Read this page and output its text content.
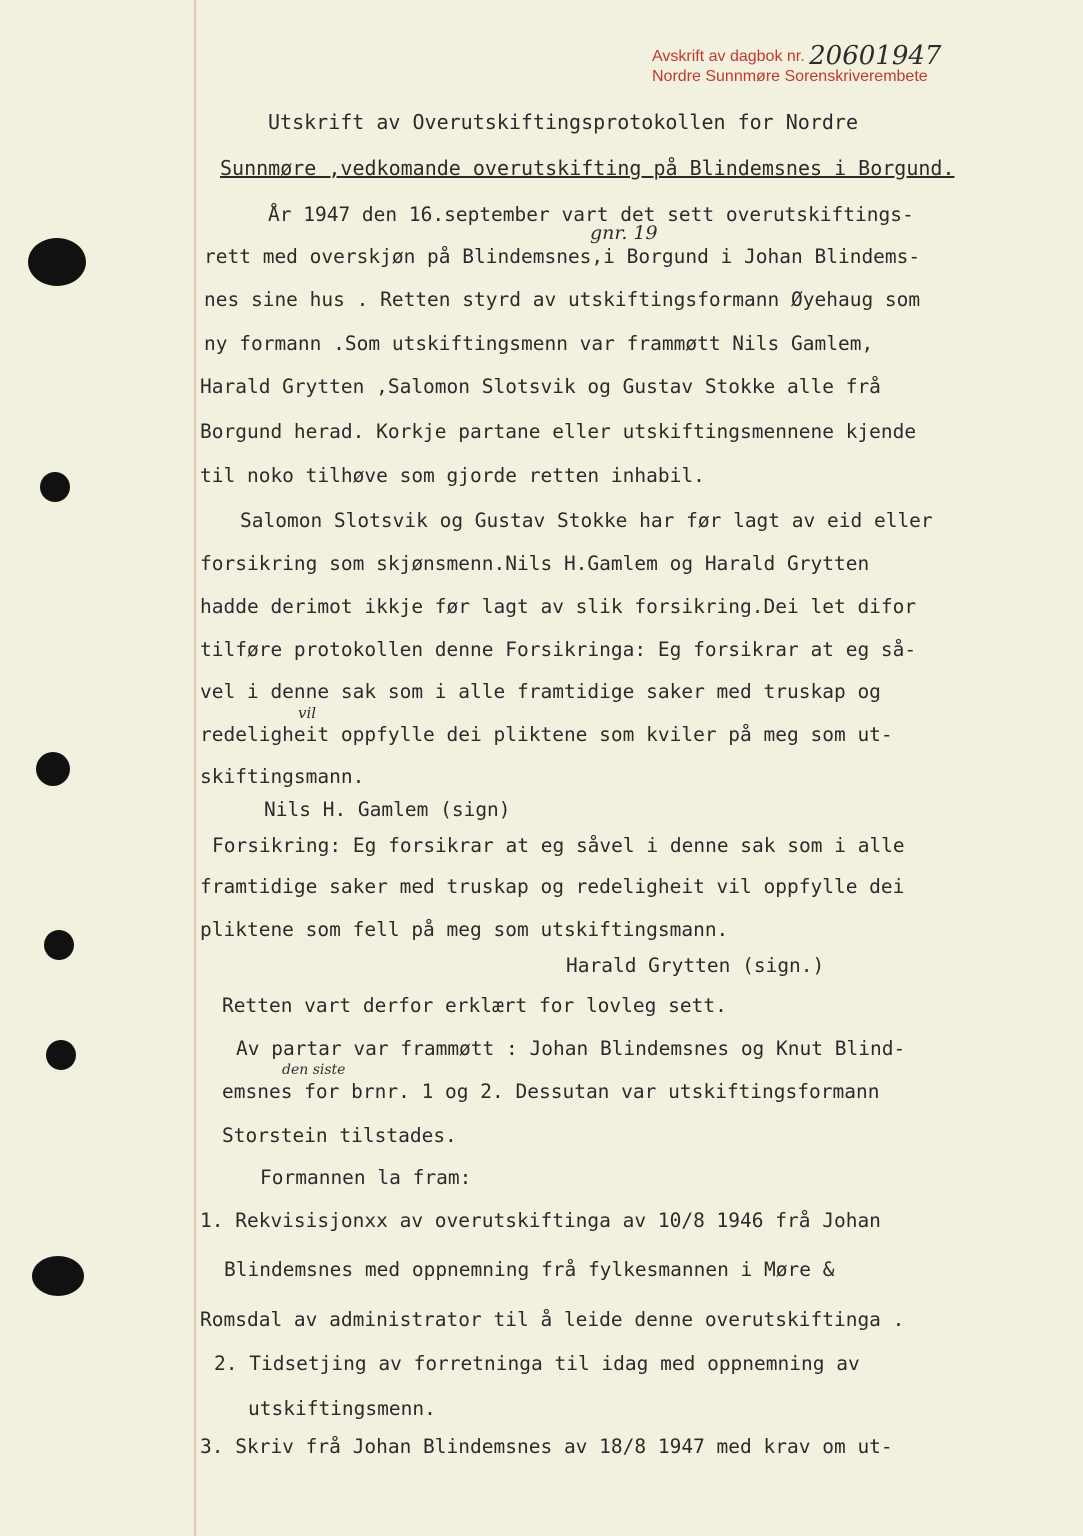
Avskrift av dagbok nr. 20601947
Nordre Sunnmøre Sorenskriverembete
Utskrift av Overutskiftingsprotokollen for Nordre
Sunnmøre ,vedkomande overutskifting på Blindemsnes i Borgund.
gnr. 19
År 1947 den 16.september vart det sett overutskiftings-
rett med overskjøn på Blindemsnes,i Borgund i Johan Blindems-
nes sine hus . Retten styrd av utskiftingsformann Øyehaug som
ny formann .Som utskiftingsmenn var frammøtt Nils Gamlem,
Harald Grytten ,Salomon Slotsvik og Gustav Stokke alle frå
Borgund herad. Korkje partane eller utskiftingsmennene kjende
til noko tilhøve som gjorde retten inhabil.
Salomon Slotsvik og Gustav Stokke har før lagt av eid eller
forsikring som skjønsmenn.Nils H.Gamlem og Harald Grytten
hadde derimot ikkje før lagt av slik forsikring.Dei let difor
tilføre protokollen denne Forsikringa: Eg forsikrar at eg så-
vel i denne sak som i alle framtidige saker med truskap og
vil
redeligheit oppfylle dei pliktene som kviler på meg som ut-
skiftingsmann.
Nils H. Gamlem (sign)
Forsikring: Eg forsikrar at eg såvel i denne sak som i alle
framtidige saker med truskap og redeligheit vil oppfylle dei
pliktene som fell på meg som utskiftingsmann.
Harald Grytten (sign.)
Retten vart derfor erklært for lovleg sett.
Av partar var frammøtt : Johan Blindemsnes og Knut Blind-
den siste
emsnes for brnr. 1 og 2. Dessutan var utskiftingsformann
Storstein tilstades.
Formannen la fram:
1. Rekvisisjonxx av overutskiftinga av 10/8 1946 frå Johan
Blindemsnes med oppnemning frå fylkesmannen i Møre &
Romsdal av administrator til å leide denne overutskiftinga .
2. Tidsetjing av forretninga til idag med oppnemning av
utskiftingsmenn.
3. Skriv frå Johan Blindemsnes av 18/8 1947 med krav om ut-
